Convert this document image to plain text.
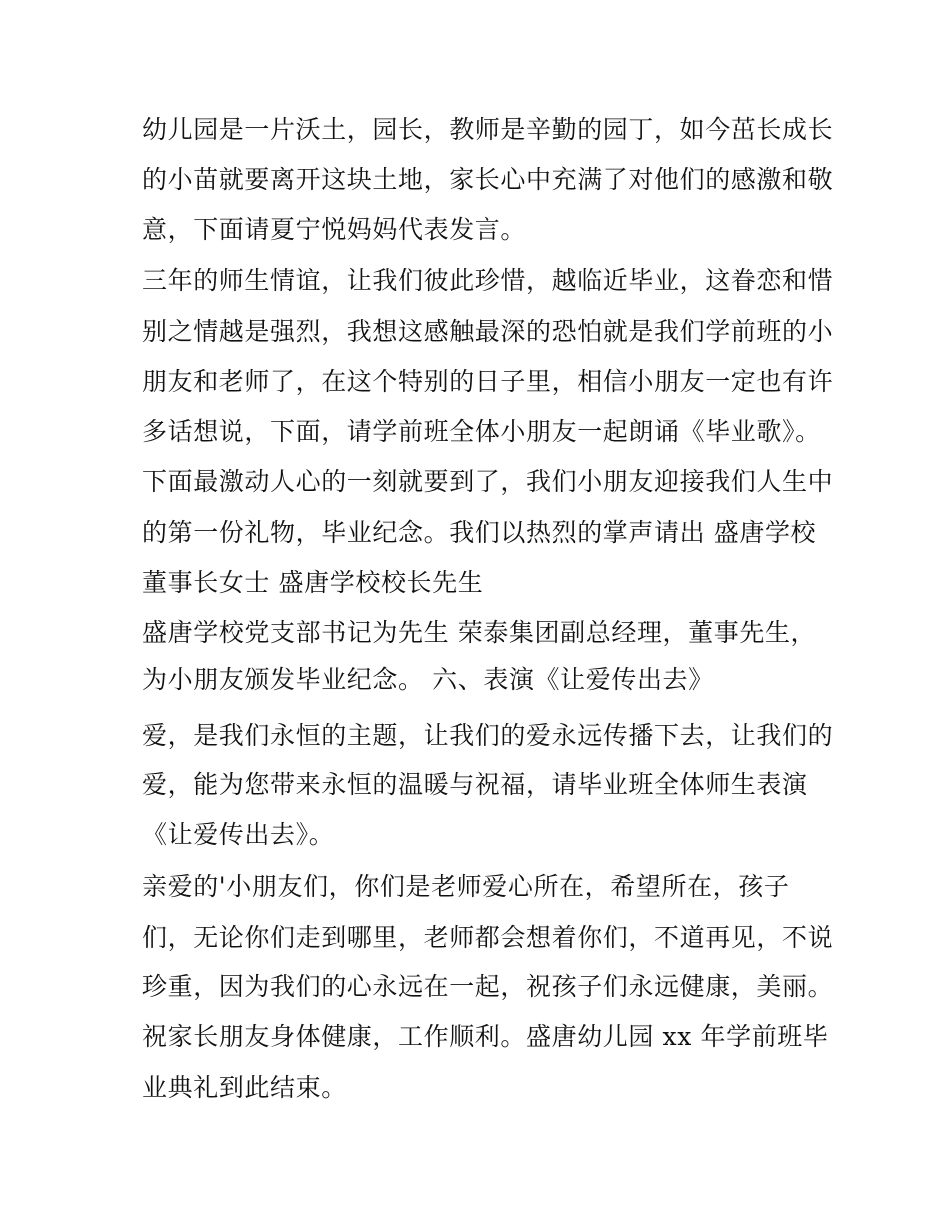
幼儿园是一片沃土，园长，教师是辛勤的园丁，如今茁长成长
的小苗就要离开这块土地，家长心中充满了对他们的感激和敬
意，下面请夏宁悦妈妈代表发言。
三年的师生情谊，让我们彼此珍惜，越临近毕业，这眷恋和惜
别之情越是强烈，我想这感触最深的恐怕就是我们学前班的小
朋友和老师了，在这个特别的日子里，相信小朋友一定也有许
多话想说，下面，请学前班全体小朋友一起朗诵《毕业歌》。
下面最激动人心的一刻就要到了，我们小朋友迎接我们人生中
的第一份礼物，毕业纪念。我们以热烈的掌声请出 盛唐学校
董事长女士 盛唐学校校长先生
盛唐学校党支部书记为先生 荣泰集团副总经理，董事先生，
为小朋友颁发毕业纪念。 六、表演《让爱传出去》
爱，是我们永恒的主题，让我们的爱永远传播下去，让我们的
爱，能为您带来永恒的温暖与祝福，请毕业班全体师生表演
《让爱传出去》。
亲爱的'小朋友们，你们是老师爱心所在，希望所在，孩子
们，无论你们走到哪里，老师都会想着你们，不道再见，不说
珍重，因为我们的心永远在一起，祝孩子们永远健康，美丽。
祝家长朋友身体健康，工作顺利。盛唐幼儿园 xx 年学前班毕
业典礼到此结束。
